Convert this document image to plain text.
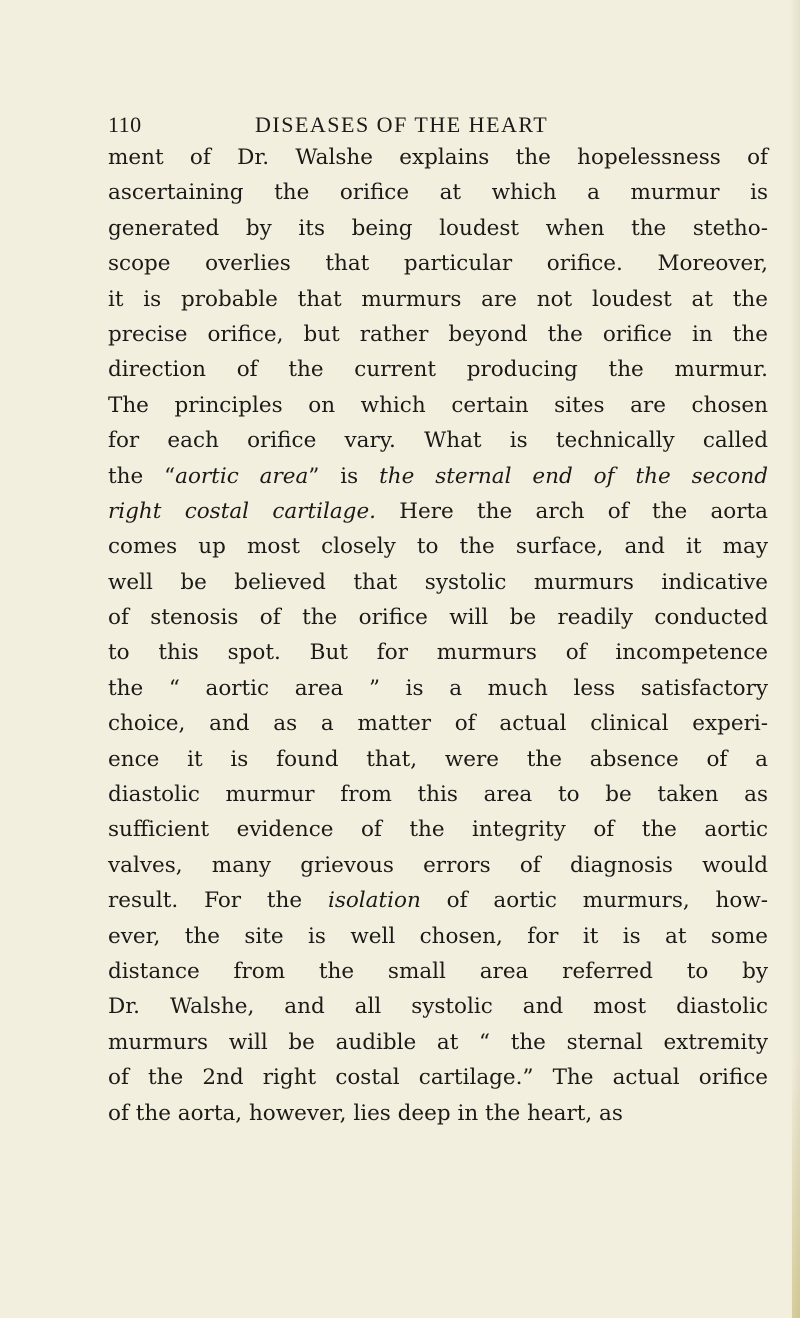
110	DISEASES OF THE HEART
ment of Dr. Walshe explains the hopelessness of
ascertaining the orifice at which a murmur is
generated by its being loudest when the stetho-
scope overlies that particular orifice. Moreover,
it is probable that murmurs are not loudest at the
precise orifice, but rather beyond the orifice in the
direction of the current producing the murmur.
The principles on which certain sites are chosen
for each orifice vary. What is technically called
the “aortic area” is the sternal end of the second
right costal cartilage. Here the arch of the aorta
comes up most closely to the surface, and it may
well be believed that systolic murmurs indicative
of stenosis of the orifice will be readily conducted
to this spot. But for murmurs of incompetence
the “ aortic area ” is a much less satisfactory
choice, and as a matter of actual clinical experi-
ence it is found that, were the absence of a
diastolic murmur from this area to be taken as
sufficient evidence of the integrity of the aortic
valves, many grievous errors of diagnosis would
result. For the isolation of aortic murmurs, how-
ever, the site is well chosen, for it is at some
distance from the small area referred to by
Dr. Walshe, and all systolic and most diastolic
murmurs will be audible at “ the sternal extremity
of the 2nd right costal cartilage.” The actual orifice
of the aorta, however, lies deep in the heart, as
